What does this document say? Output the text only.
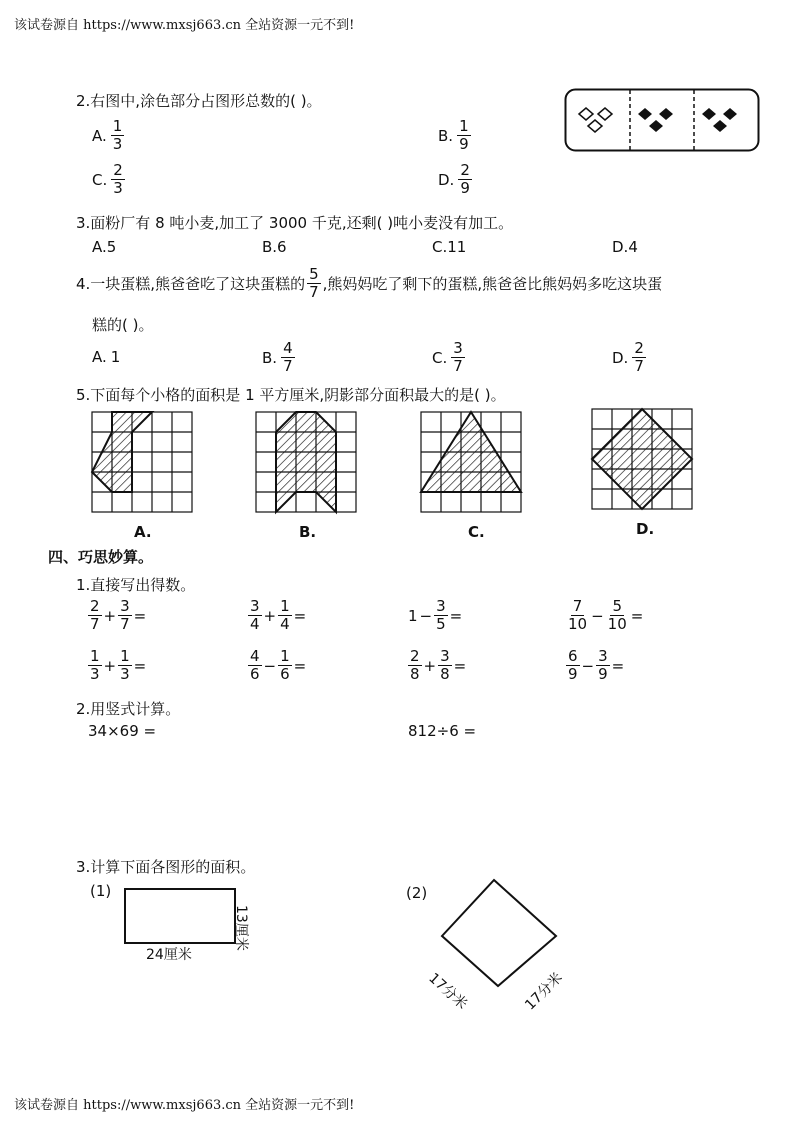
该试卷源自 https://www.mxsj663.cn 全站资源一元不到!
2.右图中,涂色部分占图形总数的( )。
A. $\frac{1}{3}$	B. $\frac{1}{9}$
C. $\frac{2}{3}$	D. $\frac{2}{9}$
3.面粉厂有 8 吨小麦,加工了 3000 千克,还剩( )吨小麦没有加工。
A.5	B.6	C.11	D.4
4.一块蛋糕,熊爸爸吃了这块蛋糕的 $\frac{5}{7}$ ,熊妈妈吃了剩下的蛋糕,熊爸爸比熊妈妈多吃这块蛋
糕的( )。
A. 1	B. $\frac{4}{7}$	C. $\frac{3}{7}$	D. $\frac{2}{7}$
5.下面每个小格的面积是 1 平方厘米,阴影部分面积最大的是( )。
A.	B.	C.	D.
四、巧思妙算。
1.直接写出得数。
$\frac{2}{7} + \frac{3}{7}$ =	$\frac{3}{4} + \frac{1}{4}$ =	$1 - \frac{3}{5}$ =	$\frac{7}{10} - \frac{5}{10}$ =
$\frac{1}{3} + \frac{1}{3}$ =	$\frac{4}{6} - \frac{1}{6}$ =	$\frac{2}{8} + \frac{3}{8}$ =	$\frac{6}{9} - \frac{3}{9}$ =
2.用竖式计算。
34×69 =	812÷6 =
3.计算下面各图形的面积。
(1)
24厘米
13厘米
(2)
17分米	17分米
该试卷源自 https://www.mxsj663.cn 全站资源一元不到!
